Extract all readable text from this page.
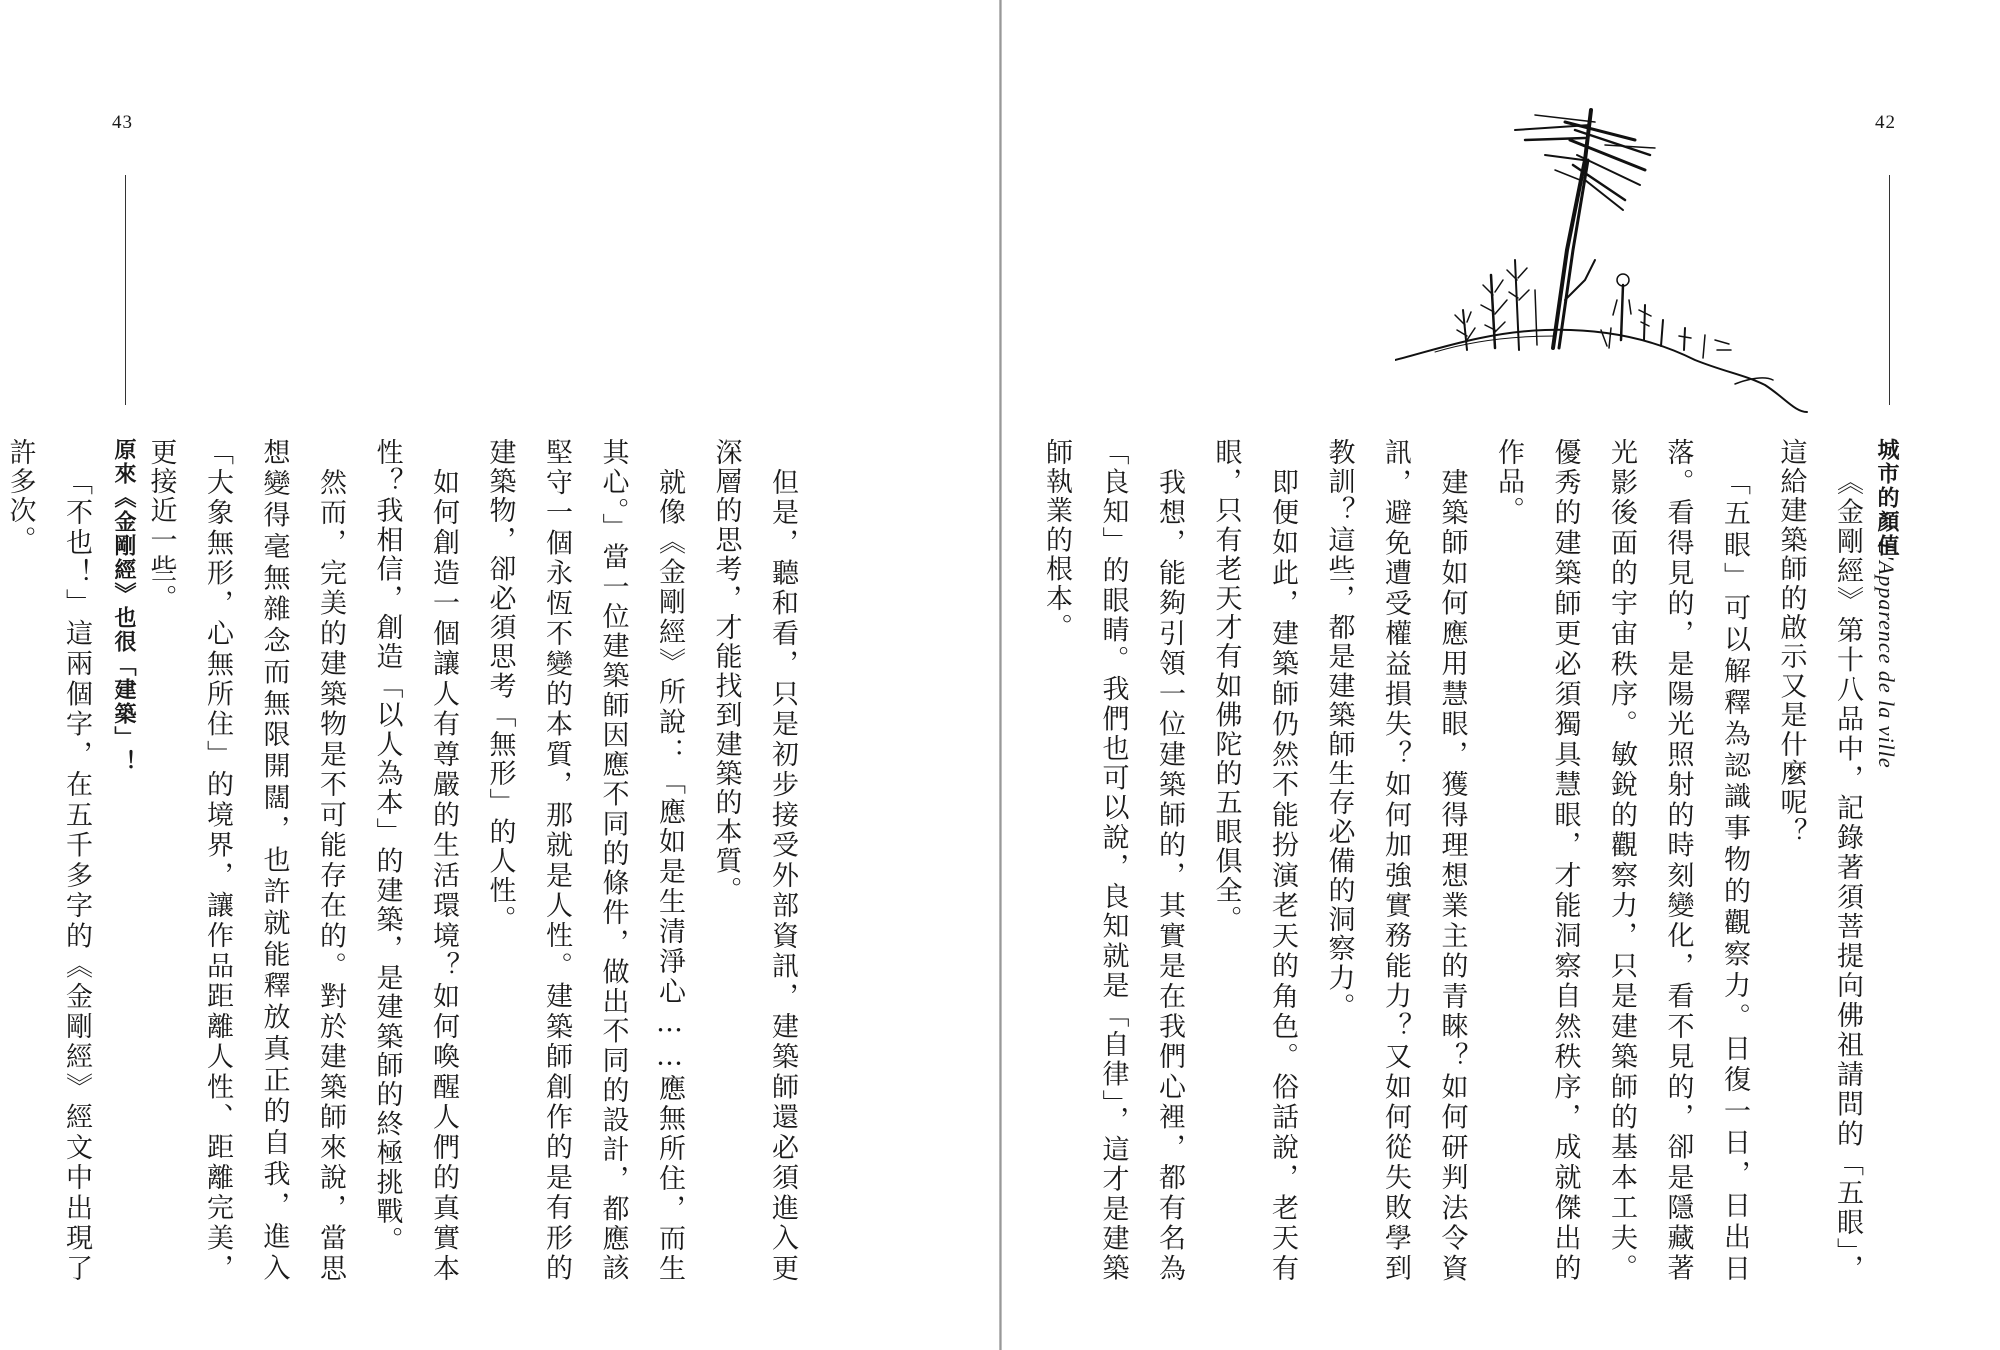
43
原來《金剛經》也很「建築」！	但是，聽和看，只是初步接受外部資訊，建築師還必須進入更深層的思考，才能找到建築的本質。

就像《金剛經》所說：「應如是生清淨心……應無所住，而生其心。」當一位建築師因應不同的條件，做出不同的設計，都應該堅守一個永恆不變的本質，那就是人性。建築師創作的是有形的建築物，卻必須思考「無形」的人性。

如何創造一個讓人有尊嚴的生活環境？如何喚醒人們的真實本性？我相信，創造「以人為本」的建築，是建築師的終極挑戰。

然而，完美的建築物是不可能存在的。對於建築師來說，當思想變得毫無雜念而無限開闊，也許就能釋放真正的自我，進入「大象無形，心無所住」的境界，讓作品距離人性、距離完美，更接近一些。

「不也！」這兩個字，在五千多字的《金剛經》經文中出現了許多次。

42
城市的顏值
L'Apparence de la ville

《金剛經》第十八品中，記錄著須菩提向佛祖請問的「五眼」，這給建築師的啟示又是什麼呢？

「五眼」可以解釋為認識事物的觀察力。日復一日，日出日落。看得見的，是陽光照射的時刻變化，看不見的，卻是隱藏著光影後面的宇宙秩序。敏銳的觀察力，只是建築師的基本工夫。優秀的建築師更必須獨具慧眼，才能洞察自然秩序，成就傑出的作品。

建築師如何應用慧眼，獲得理想業主的青睞？如何研判法令資訊，避免遭受權益損失？如何加強實務能力？又如何從失敗學到教訓？這些，都是建築師生存必備的洞察力。

即便如此，建築師仍然不能扮演老天的角色。俗話說，老天有眼，只有老天才有如佛陀的五眼俱全。

我想，能夠引領一位建築師的，其實是在我們心裡，都有名為「良知」的眼睛。我們也可以說，良知就是「自律」，這才是建築師執業的根本。
